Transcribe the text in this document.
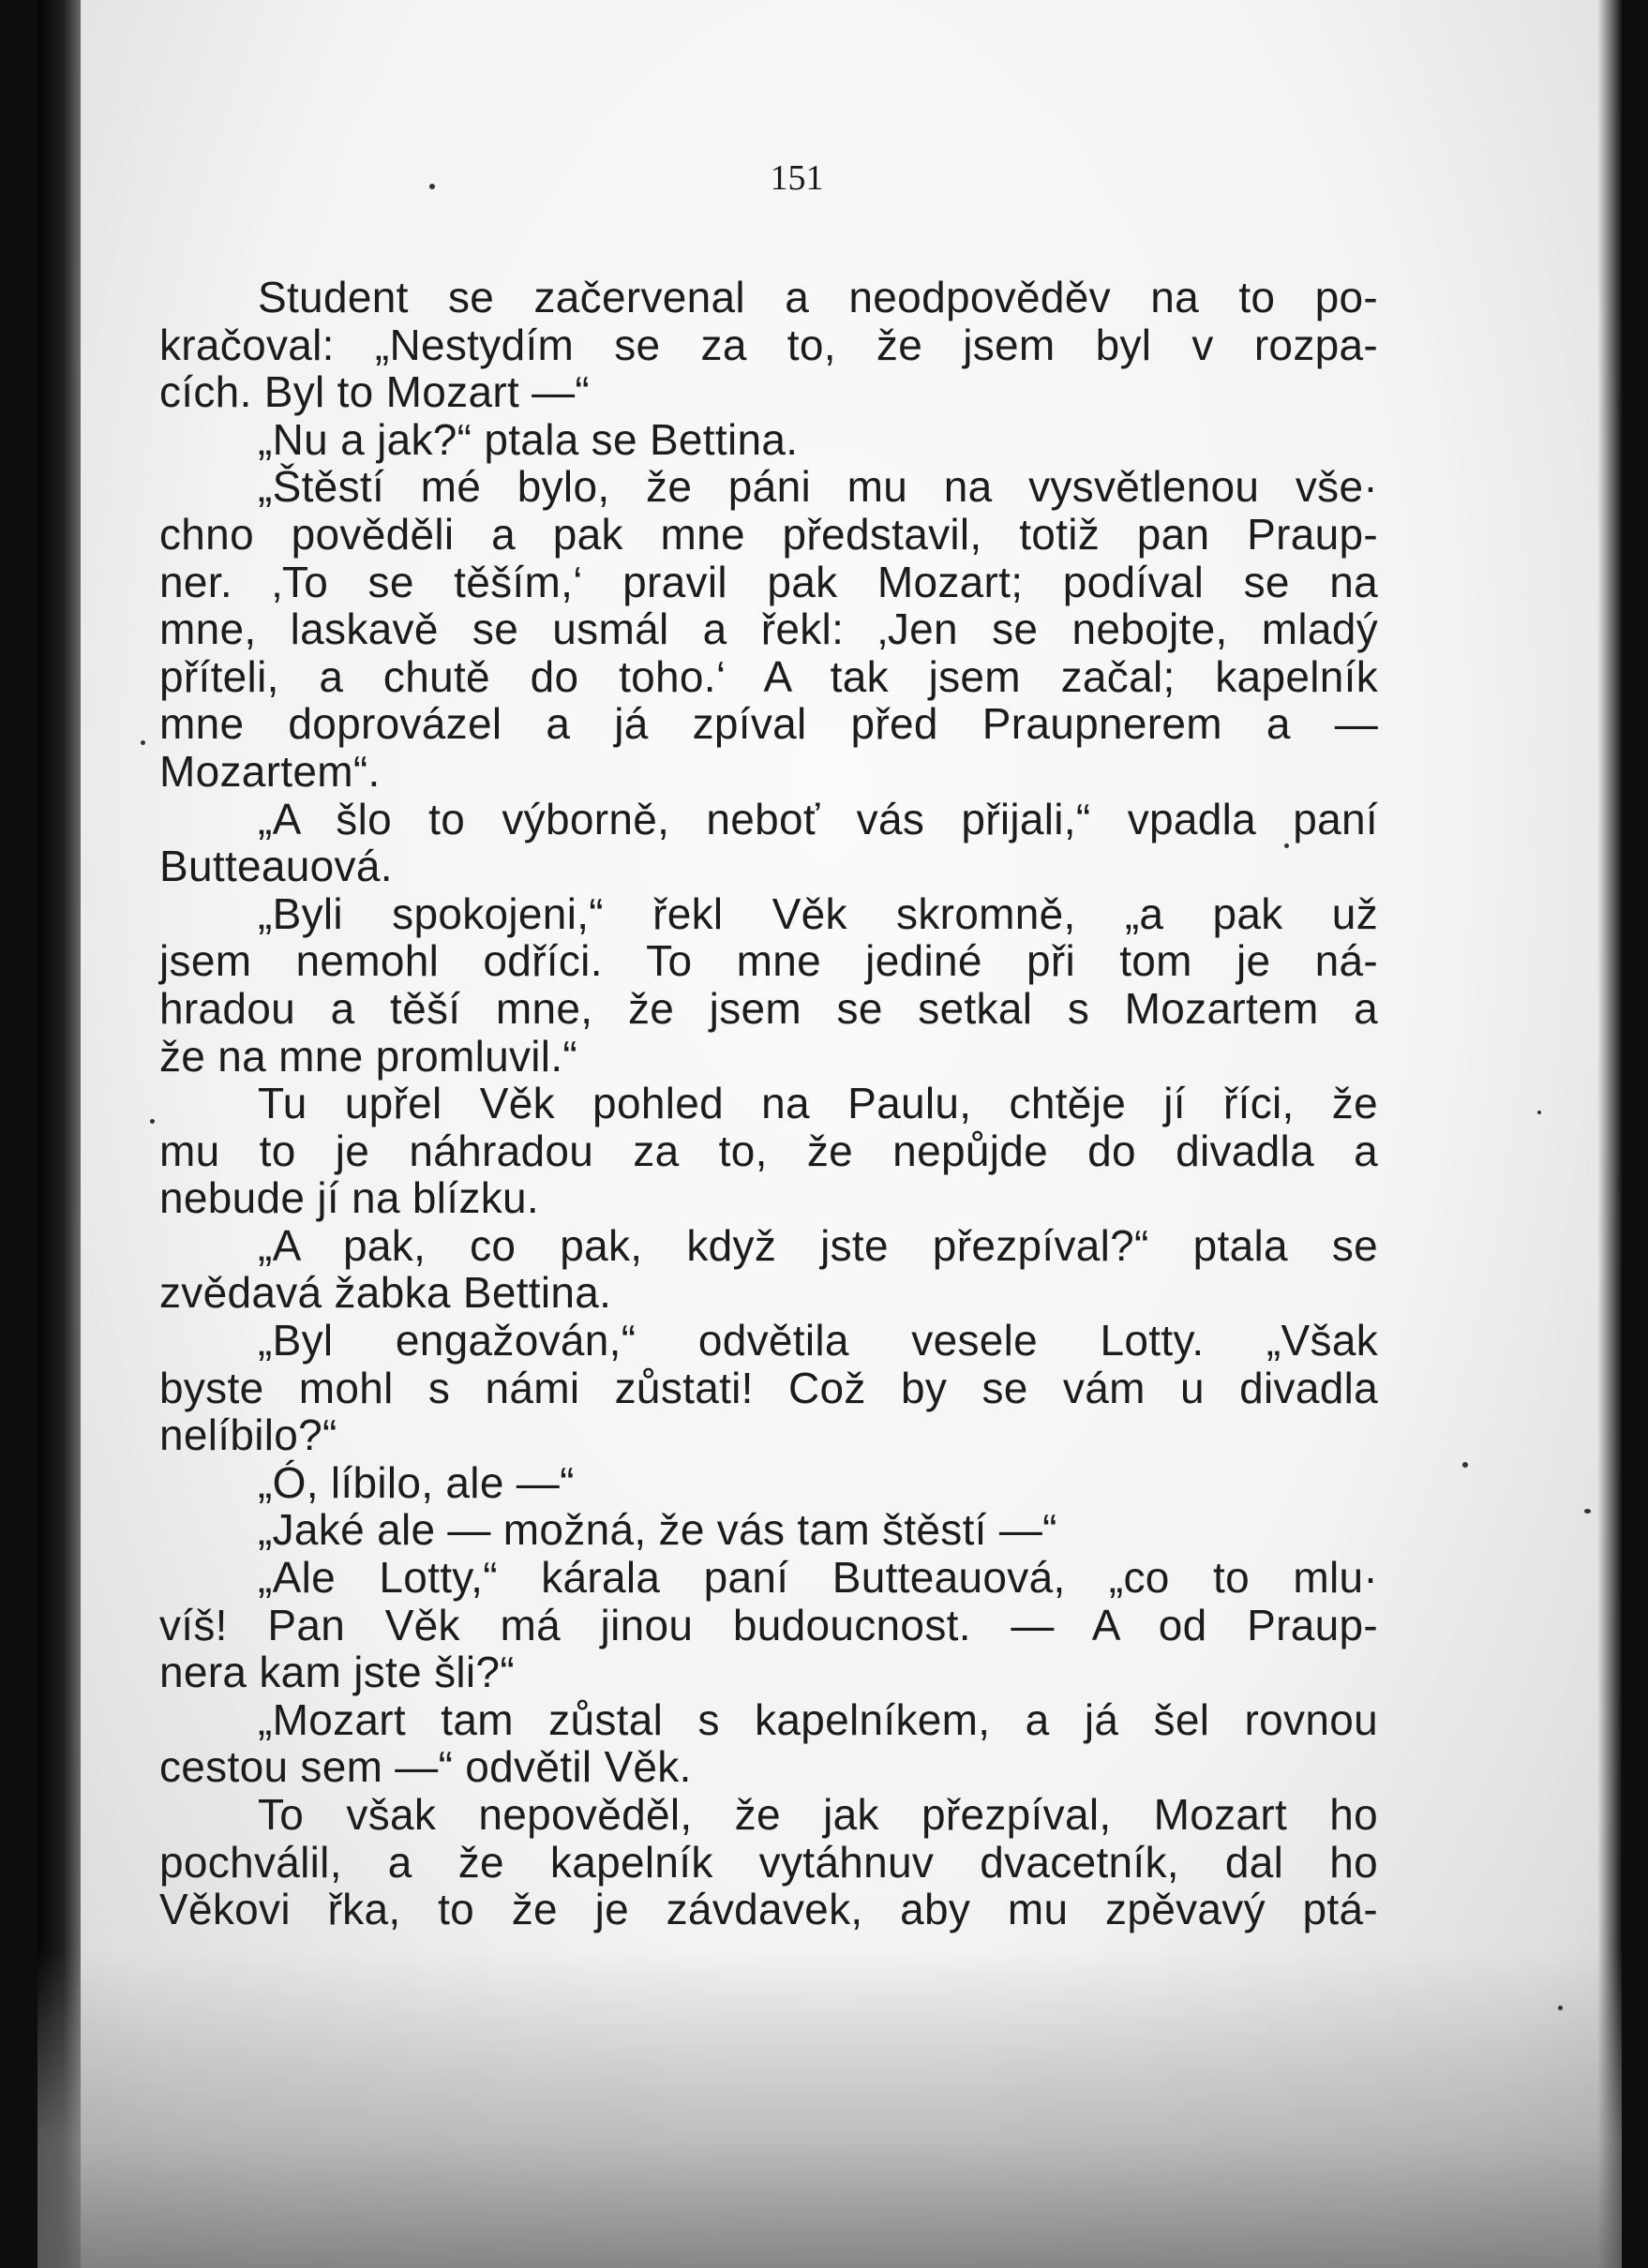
151
Student se začervenal a neodpověděv na to po-
kračoval: „Nestydím se za to, že jsem byl v rozpa-
cích. Byl to Mozart —“
„Nu a jak?“ ptala se Bettina.
„Štěstí mé bylo, že páni mu na vysvětlenou vše·
chno pověděli a pak mne představil, totiž pan Praup-
ner. ‚To se těším,‘ pravil pak Mozart; podíval se na
mne, laskavě se usmál a řekl: ‚Jen se nebojte, mladý
příteli, a chutě do toho.‘ A tak jsem začal; kapelník
mne doprovázel a já zpíval před Praupnerem a —
Mozartem“.
„A šlo to výborně, neboť vás přijali,“ vpadla paní
Butteauová.
„Byli spokojeni,“ řekl Věk skromně, „a pak už
jsem nemohl odříci. To mne jediné při tom je ná-
hradou a těší mne, že jsem se setkal s Mozartem a
že na mne promluvil.“
Tu upřel Věk pohled na Paulu, chtěje jí říci, že
mu to je náhradou za to, že nepůjde do divadla a
nebude jí na blízku.
„A pak, co pak, když jste přezpíval?“ ptala se
zvědavá žabka Bettina.
„Byl engažován,“ odvětila vesele Lotty. „Však
byste mohl s námi zůstati! Což by se vám u divadla
nelíbilo?“
„Ó, líbilo, ale —“
„Jaké ale — možná, že vás tam štěstí —“
„Ale Lotty,“ kárala paní Butteauová, „co to mlu·
víš! Pan Věk má jinou budoucnost. — A od Praup-
nera kam jste šli?“
„Mozart tam zůstal s kapelníkem, a já šel rovnou
cestou sem —“ odvětil Věk.
To však nepověděl, že jak přezpíval, Mozart ho
pochválil, a že kapelník vytáhnuv dvacetník, dal ho
Věkovi řka, to že je závdavek, aby mu zpěvavý ptá-
